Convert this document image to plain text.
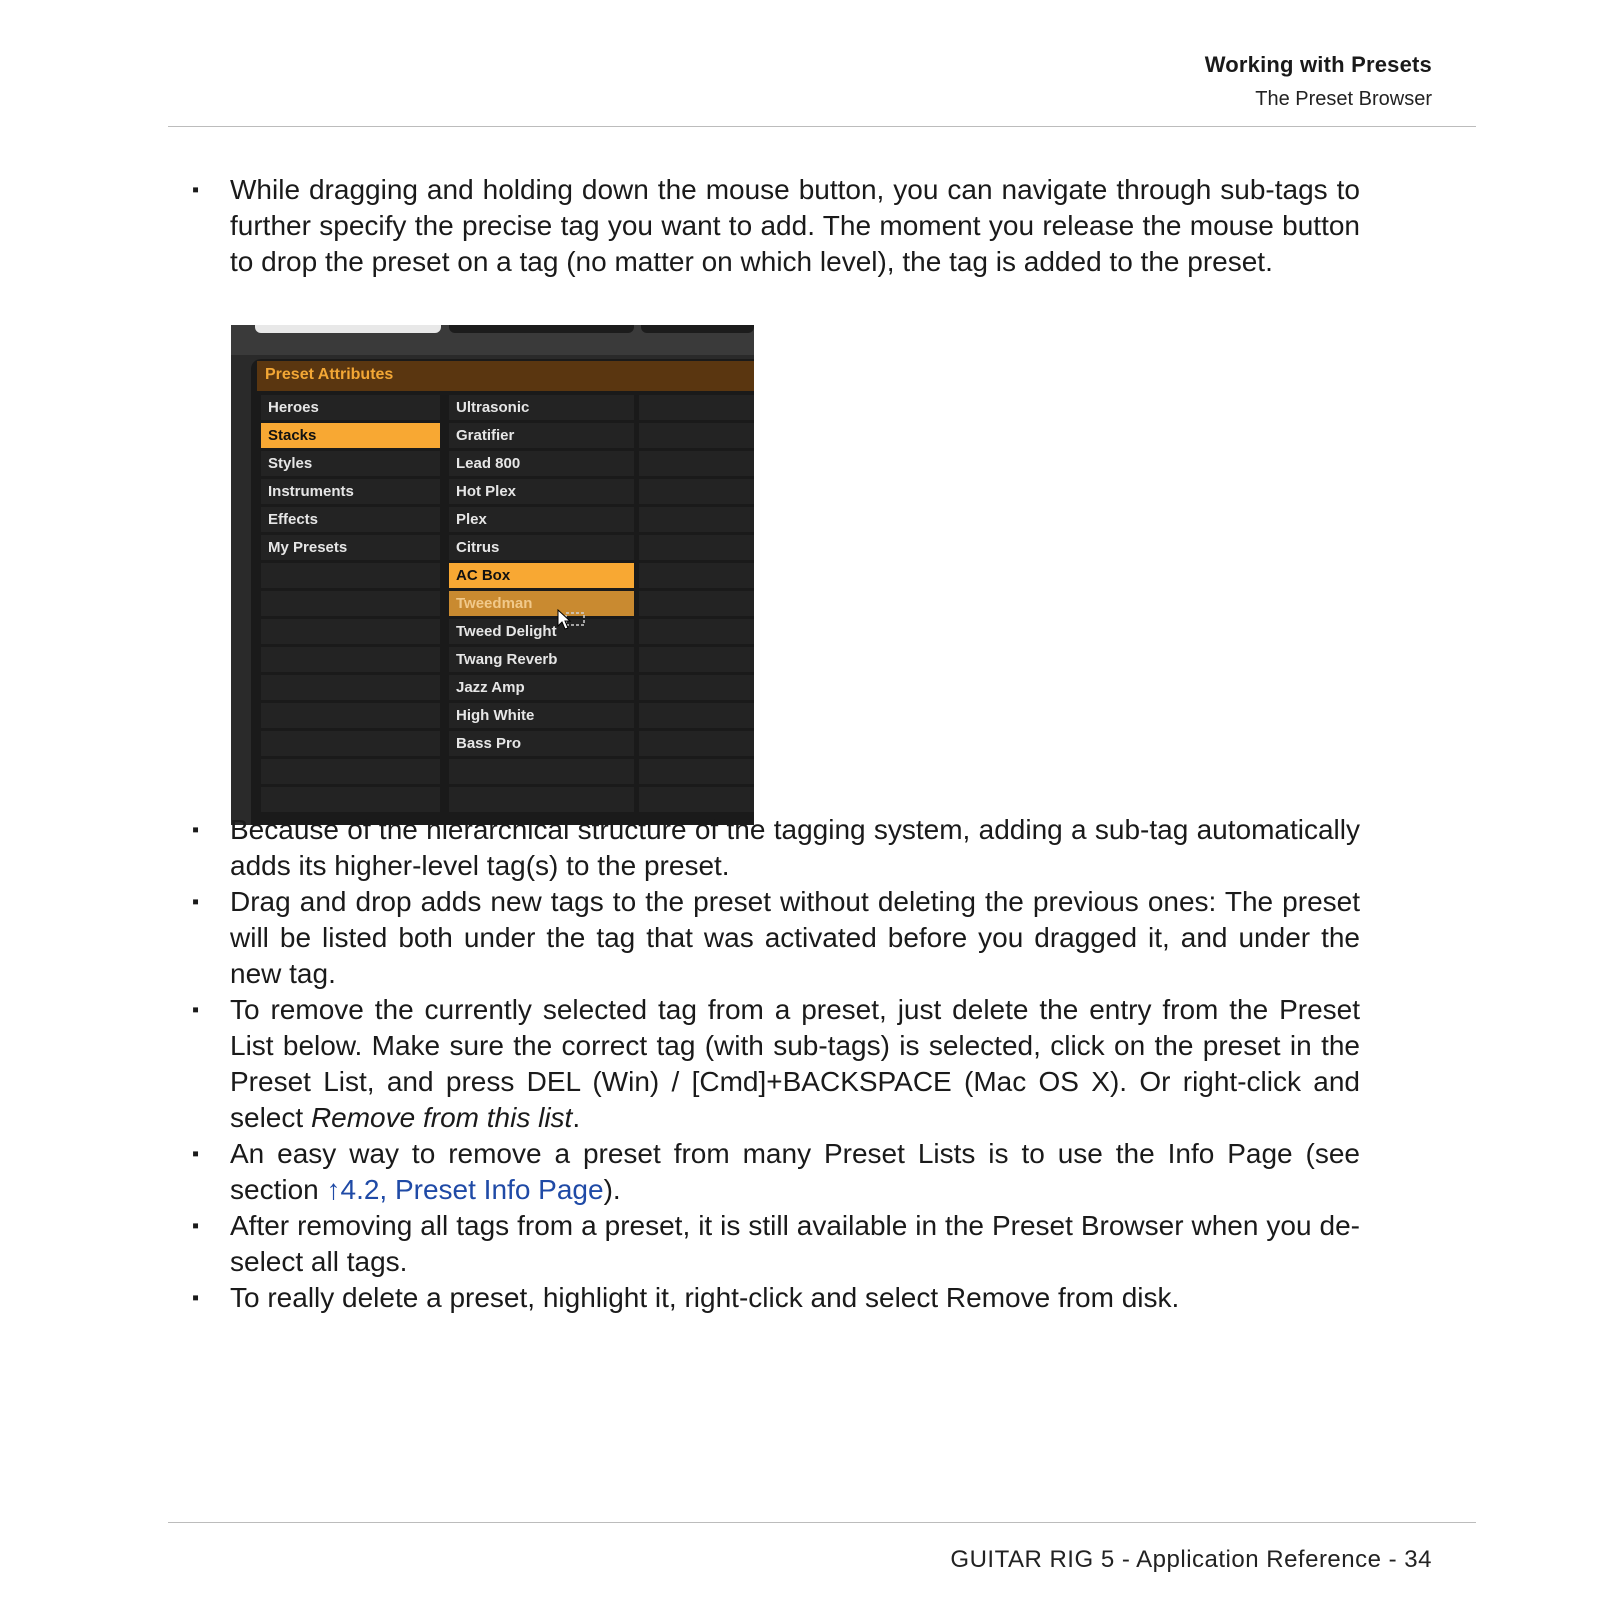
Working with Presets
The Preset Browser
▪ While dragging and holding down the mouse button, you can navigate through sub-tags to further specify the precise tag you want to add. The moment you release the mouse button to drop the preset on a tag (no matter on which level), the tag is added to the preset.
Preset Attributes
Heroes
Stacks
Styles
Instruments
Effects
My Presets
Ultrasonic
Gratifier
Lead 800
Hot Plex
Plex
Citrus
AC Box
Tweedman
Tweed Delight
Twang Reverb
Jazz Amp
High White
Bass Pro
▪ Because of the hierarchical structure of the tagging system, adding a sub-tag automatically adds its higher-level tag(s) to the preset.
▪ Drag and drop adds new tags to the preset without deleting the previous ones: The preset will be listed both under the tag that was activated before you dragged it, and under the new tag.
▪ To remove the currently selected tag from a preset, just delete the entry from the Preset List below. Make sure the correct tag (with sub-tags) is selected, click on the preset in the Preset List, and press DEL (Win) / [Cmd]+BACKSPACE (Mac OS X). Or right-click and select Remove from this list.
▪ An easy way to remove a preset from many Preset Lists is to use the Info Page (see section ↑4.2, Preset Info Page).
▪ After removing all tags from a preset, it is still available in the Preset Browser when you de-select all tags.
▪ To really delete a preset, highlight it, right-click and select Remove from disk.
GUITAR RIG 5 - Application Reference - 34
